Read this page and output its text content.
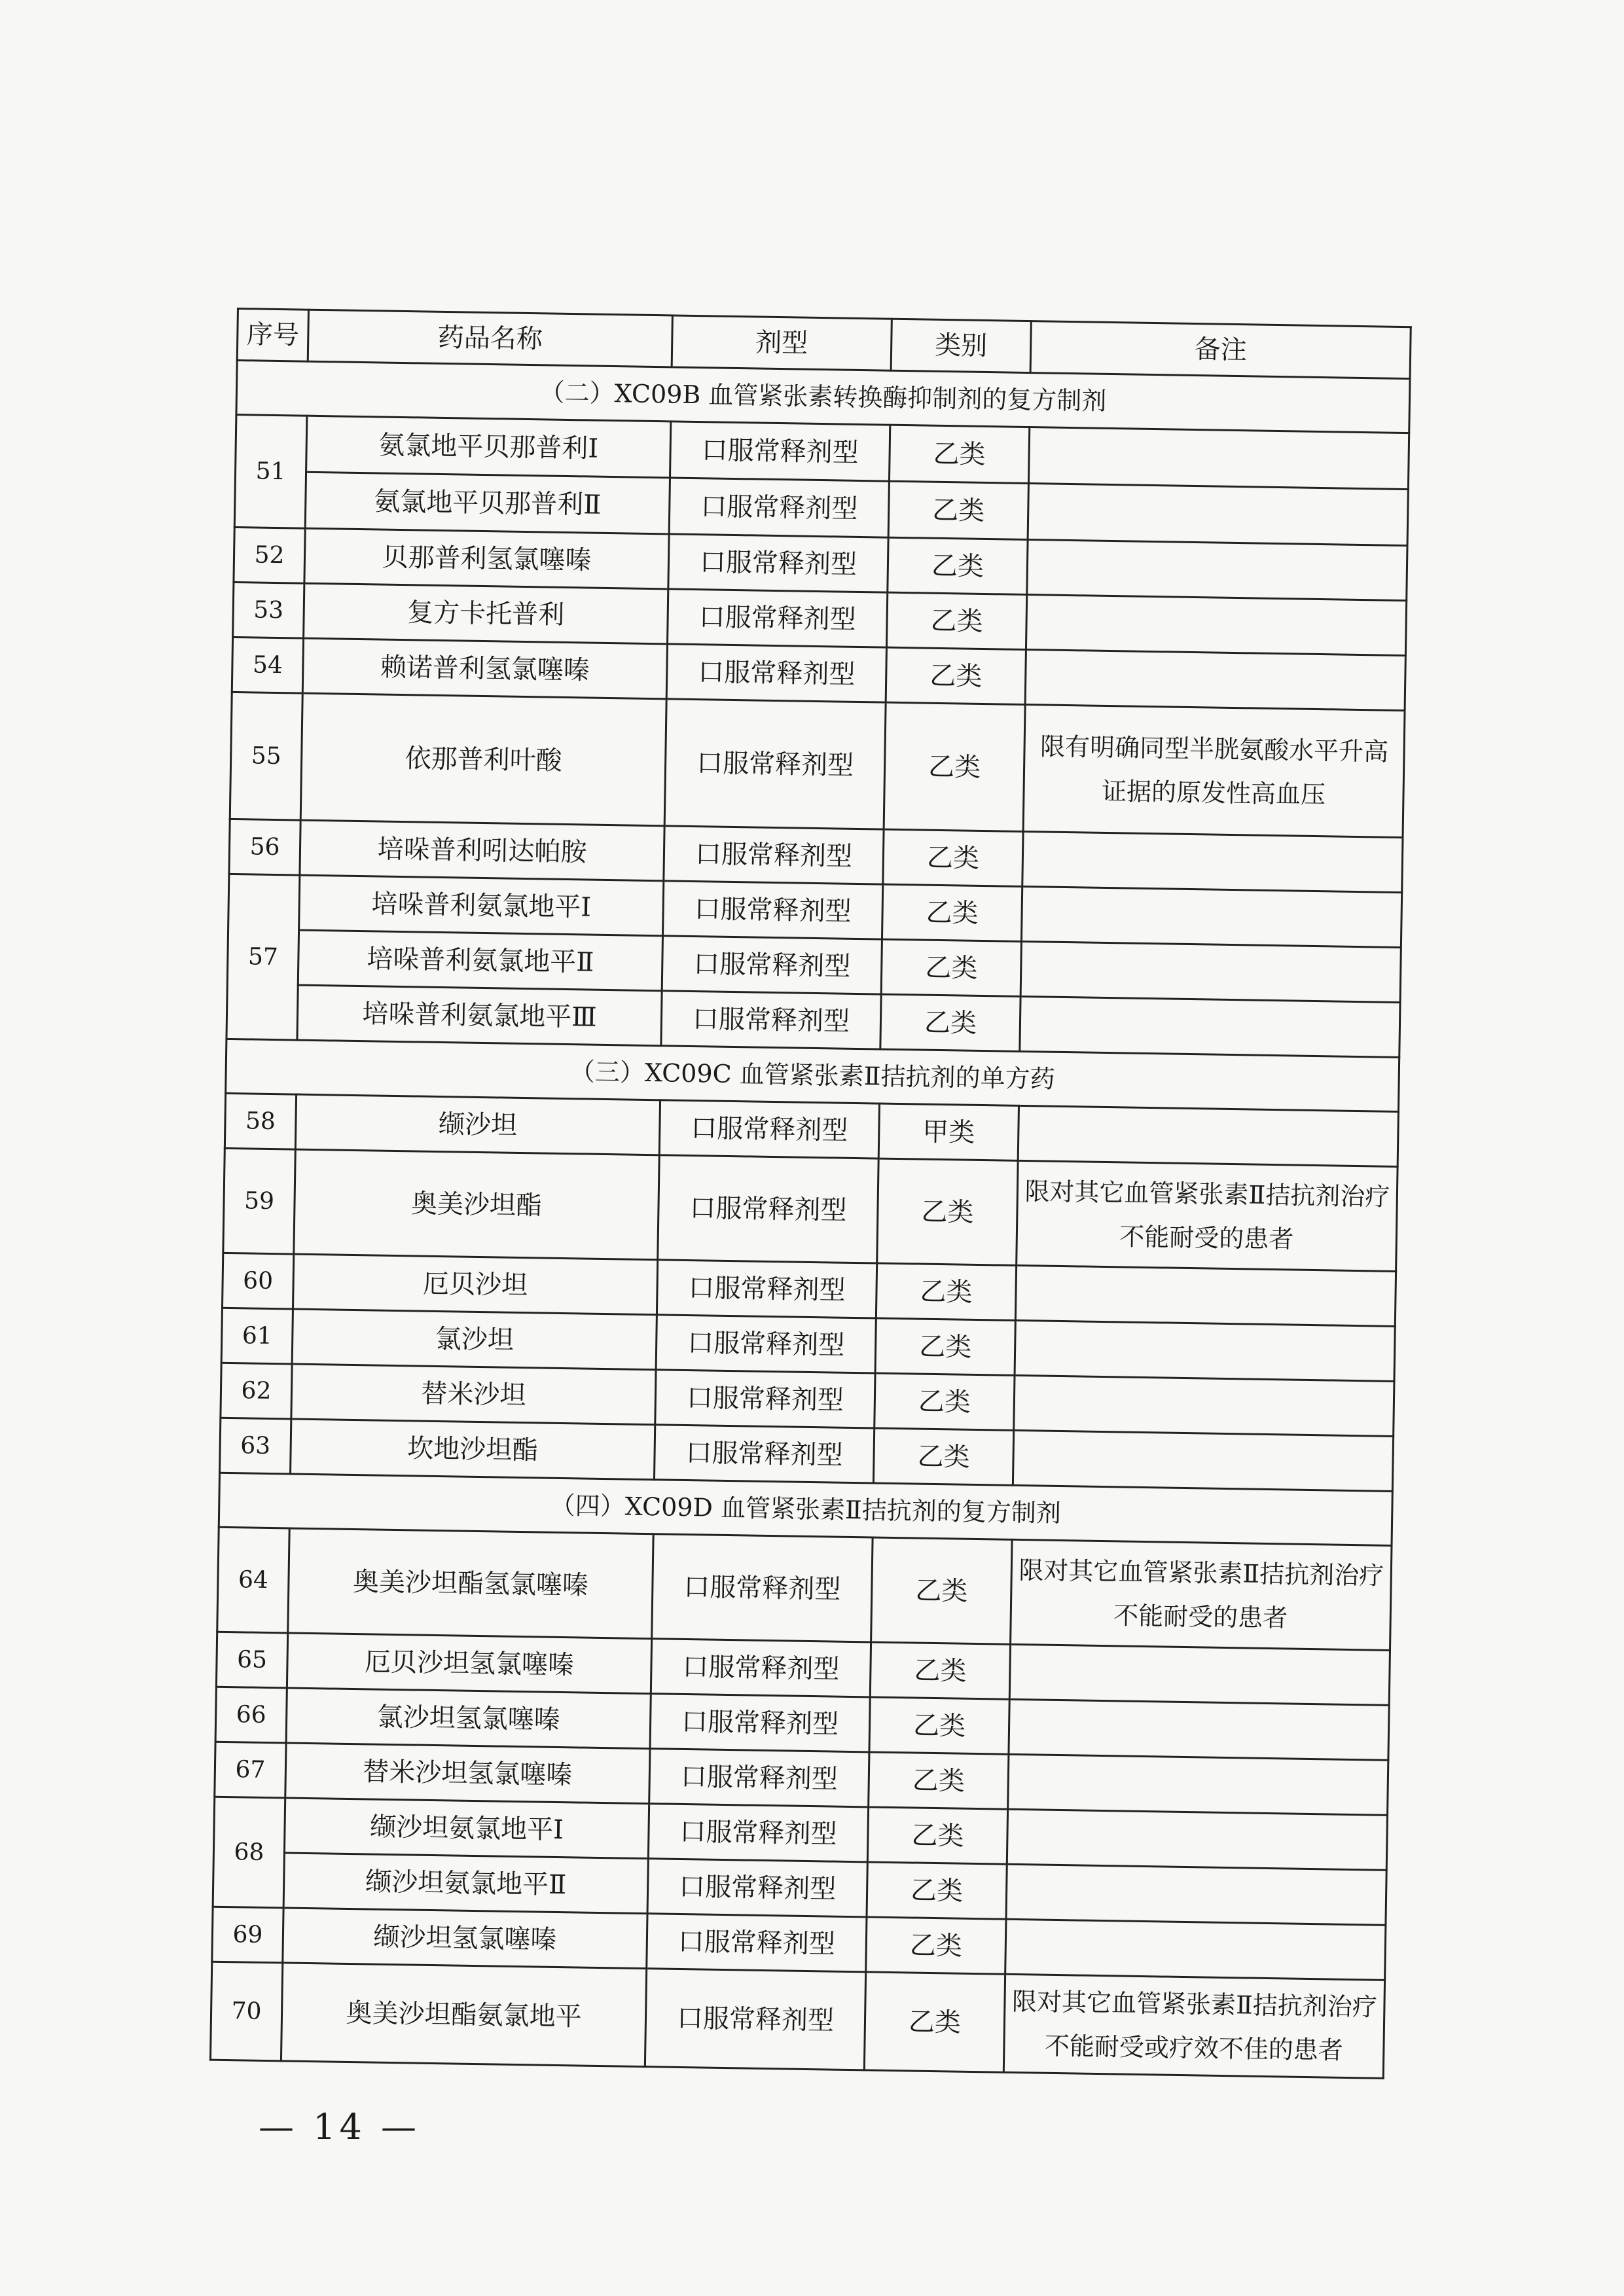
序号	药品名称	剂型	类别	备注
（二）XC09B 血管紧张素转换酶抑制剂的复方制剂				
51	氨氯地平贝那普利Ⅰ	口服常释剂型	乙类	
	氨氯地平贝那普利Ⅱ	口服常释剂型	乙类	
52	贝那普利氢氯噻嗪	口服常释剂型	乙类	
53	复方卡托普利	口服常释剂型	乙类	
54	赖诺普利氢氯噻嗪	口服常释剂型	乙类	
55	依那普利叶酸	口服常释剂型	乙类	限有明确同型半胱氨酸水平升高证据的原发性高血压
56	培哚普利吲达帕胺	口服常释剂型	乙类	
57	培哚普利氨氯地平Ⅰ	口服常释剂型	乙类	
	培哚普利氨氯地平Ⅱ	口服常释剂型	乙类	
	培哚普利氨氯地平Ⅲ	口服常释剂型	乙类	
（三）XC09C 血管紧张素Ⅱ拮抗剂的单方药				
58	缬沙坦	口服常释剂型	甲类	
59	奥美沙坦酯	口服常释剂型	乙类	限对其它血管紧张素Ⅱ拮抗剂治疗不能耐受的患者
60	厄贝沙坦	口服常释剂型	乙类	
61	氯沙坦	口服常释剂型	乙类	
62	替米沙坦	口服常释剂型	乙类	
63	坎地沙坦酯	口服常释剂型	乙类	
（四）XC09D 血管紧张素Ⅱ拮抗剂的复方制剂				
64	奥美沙坦酯氢氯噻嗪	口服常释剂型	乙类	限对其它血管紧张素Ⅱ拮抗剂治疗不能耐受的患者
65	厄贝沙坦氢氯噻嗪	口服常释剂型	乙类	
66	氯沙坦氢氯噻嗪	口服常释剂型	乙类	
67	替米沙坦氢氯噻嗪	口服常释剂型	乙类	
68	缬沙坦氨氯地平Ⅰ	口服常释剂型	乙类	
	缬沙坦氨氯地平Ⅱ	口服常释剂型	乙类	
69	缬沙坦氢氯噻嗪	口服常释剂型	乙类	
70	奥美沙坦酯氨氯地平	口服常释剂型	乙类	限对其它血管紧张素Ⅱ拮抗剂治疗不能耐受或疗效不佳的患者
— 14 —
